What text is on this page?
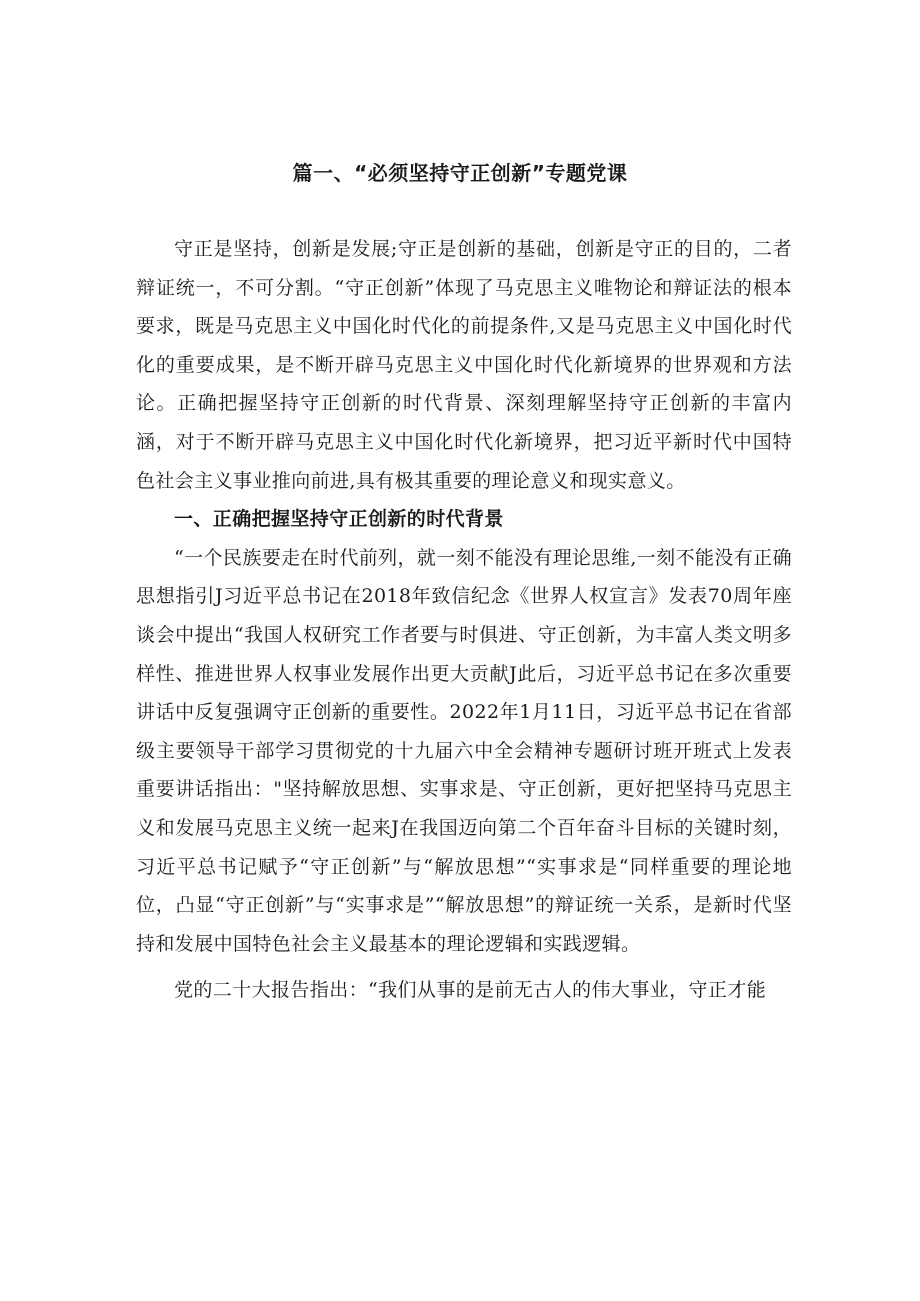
篇一、“必须坚持守正创新”专题党课

守正是坚持，创新是发展;守正是创新的基础，创新是守正的目的，二者辩证统一，不可分割。“守正创新”体现了马克思主义唯物论和辩证法的根本要求，既是马克思主义中国化时代化的前提条件,又是马克思主义中国化时代化的重要成果，是不断开辟马克思主义中国化时代化新境界的世界观和方法论。正确把握坚持守正创新的时代背景、深刻理解坚持守正创新的丰富内涵，对于不断开辟马克思主义中国化时代化新境界，把习近平新时代中国特色社会主义事业推向前进,具有极其重要的理论意义和现实意义。

一、正确把握坚持守正创新的时代背景

“一个民族要走在时代前列，就一刻不能没有理论思维,一刻不能没有正确思想指引J习近平总书记在2018年致信纪念《世界人权宣言》发表70周年座谈会中提出“我国人权研究工作者要与时俱进、守正创新，为丰富人类文明多样性、推进世界人权事业发展作出更大贡献J此后，习近平总书记在多次重要讲话中反复强调守正创新的重要性。2022年1月11日，习近平总书记在省部级主要领导干部学习贯彻党的十九届六中全会精神专题研讨班开班式上发表重要讲话指出："坚持解放思想、实事求是、守正创新，更好把坚持马克思主义和发展马克思主义统一起来J在我国迈向第二个百年奋斗目标的关键时刻，习近平总书记赋予“守正创新”与“解放思想”“实事求是“同样重要的理论地位，凸显“守正创新”与“实事求是”“解放思想”的辩证统一关系，是新时代坚持和发展中国特色社会主义最基本的理论逻辑和实践逻辑。

党的二十大报告指出：“我们从事的是前无古人的伟大事业，守正才能
